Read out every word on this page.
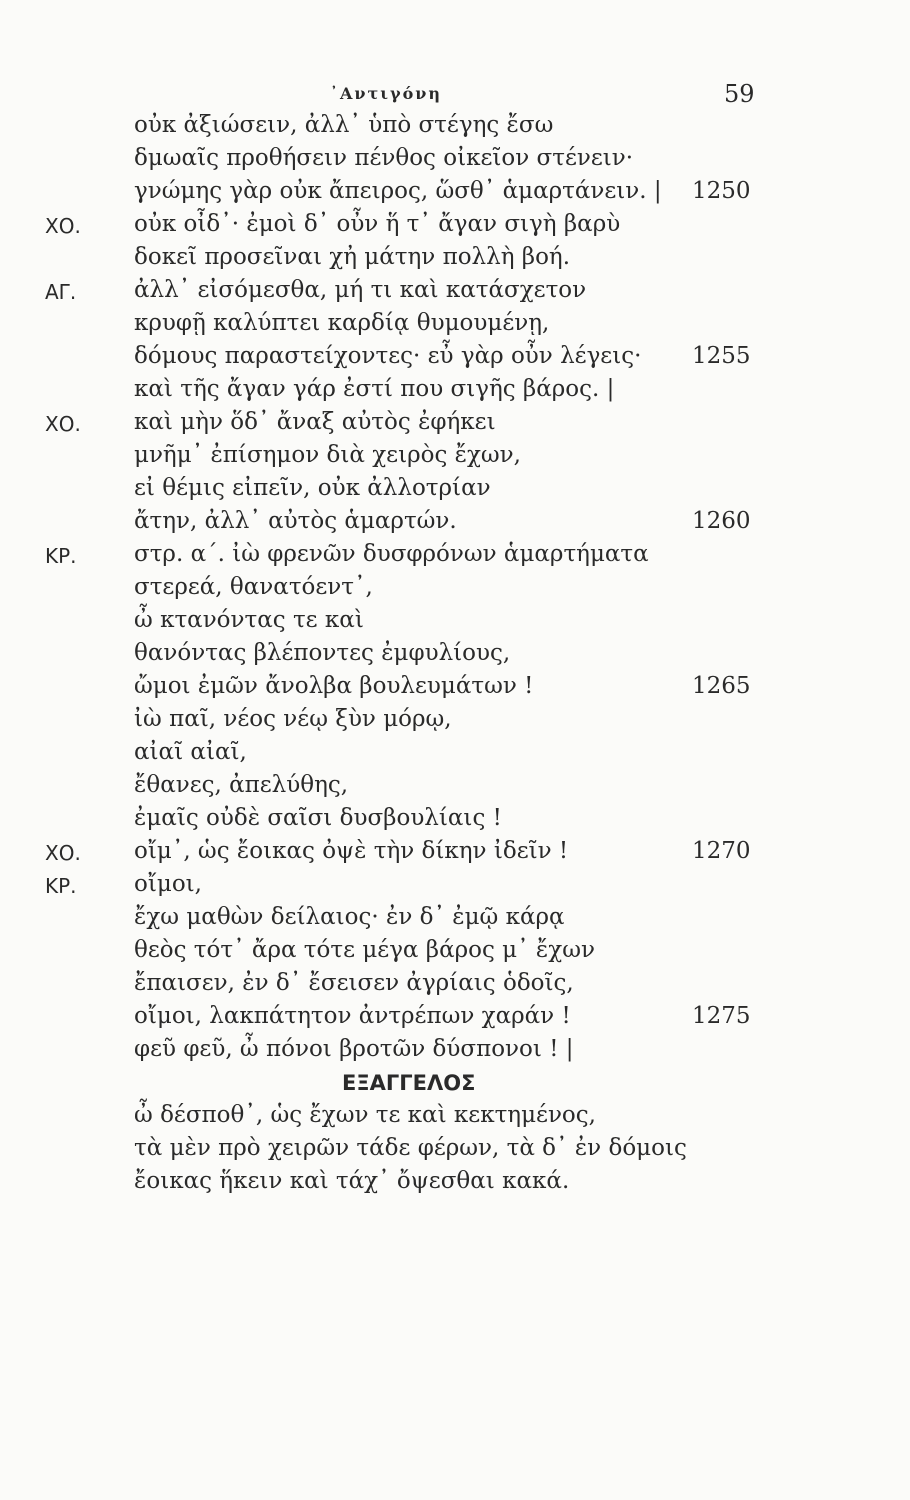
᾿Αντιγόνη	59
οὐκ ἀξιώσειν, ἀλλ᾿ ὑπὸ στέγης ἔσω
δμωαῖς προθήσειν πένθος οἰκεῖον στένειν·
γνώμης γὰρ οὐκ ἄπειρος, ὥσθ᾿ ἁμαρτάνειν. | 1250
ΧΟ. οὐκ οἶδ᾿· ἐμοὶ δ᾿ οὖν ἥ τ᾿ ἄγαν σιγὴ βαρὺ
δοκεῖ προσεῖναι χἠ μάτην πολλὴ βοή.
ΑΓ.	ἀλλ᾿ εἰσόμεσθα, μή τι καὶ κατάσχετον
κρυφῇ καλύπτει καρδίᾳ θυμουμένῃ,
δόμους παραστείχοντες· εὖ γὰρ οὖν λέγεις· 1255
καὶ τῆς ἄγαν γάρ ἐστί που σιγῆς βάρος. |
ΧΟ. καὶ μὴν ὅδ᾿ ἄναξ αὐτὸς ἐφήκει
μνῆμ᾿ ἐπίσημον διὰ χειρὸς ἔχων,
εἰ θέμις εἰπεῖν, οὐκ ἀλλοτρίαν
ἄτην, ἀλλ᾿ αὐτὸς ἁμαρτών.	1260
ΚΡ. στρ. α΄. ἰὼ φρενῶν δυσφρόνων ἁμαρτήματα
στερεά, θανατόεντ᾿,
ὦ κτανόντας τε καὶ
θανόντας βλέποντες ἐμφυλίους,
ὤμοι ἐμῶν ἄνολβα βουλευμάτων !	1265
ἰὼ παῖ, νέος νέῳ ξὺν μόρῳ,
αἰαῖ αἰαῖ,
ἔθανες, ἀπελύθης,
ἐμαῖς οὐδὲ σαῖσι δυσβουλίαις !
ΧΟ. οἴμ᾿, ὡς ἔοικας ὀψὲ τὴν δίκην ἰδεῖν !	1270
ΚΡ. οἴμοι,
ἔχω μαθὼν δείλαιος· ἐν δ᾿ ἐμῷ κάρᾳ
θεὸς τότ᾿ ἄρα τότε μέγα βάρος μ᾿ ἔχων
ἔπαισεν, ἐν δ᾿ ἔσεισεν ἀγρίαις ὁδοῖς,
οἴμοι, λακπάτητον ἀντρέπων χαράν !	1275
φεῦ φεῦ, ὦ πόνοι βροτῶν δύσπονοι ! |
ΕΞΑΓΓΕΛΟΣ
ὦ δέσποθ᾿, ὡς ἔχων τε καὶ κεκτημένος,
τὰ μὲν πρὸ χειρῶν τάδε φέρων, τὰ δ᾿ ἐν δόμοις
ἔοικας ἥκειν καὶ τάχ᾿ ὄψεσθαι κακά.
